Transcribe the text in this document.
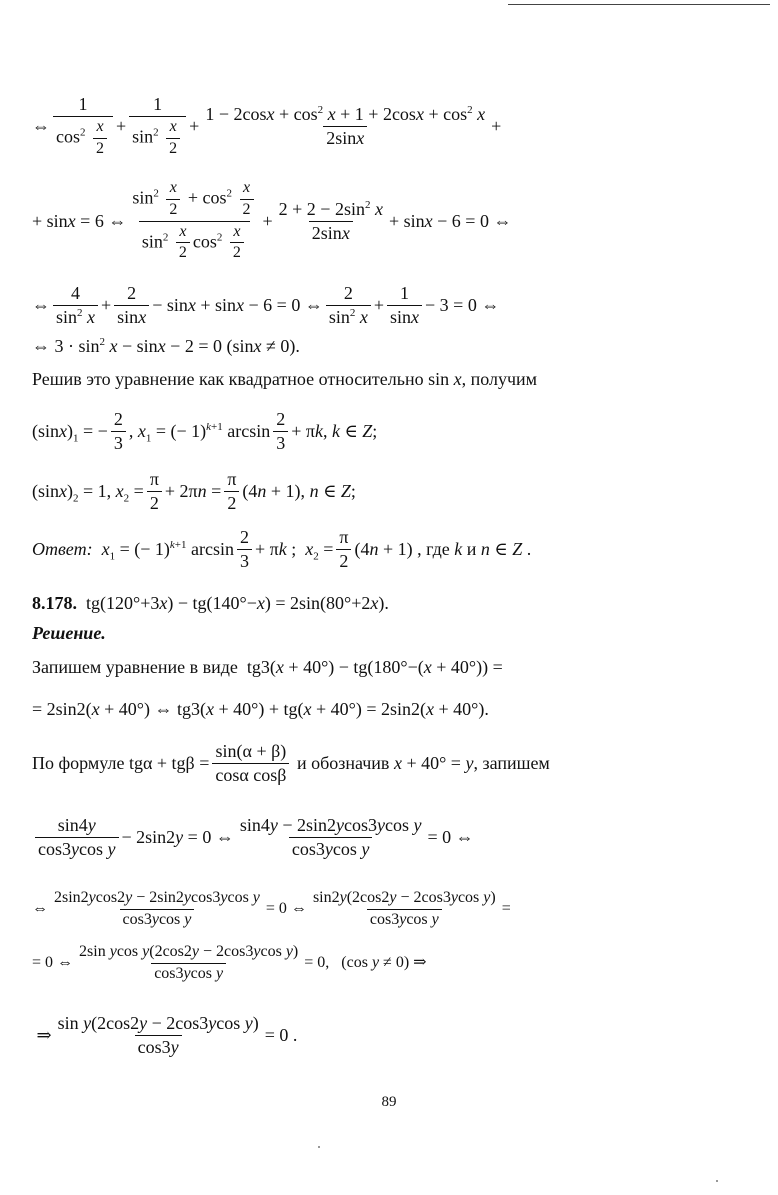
⇔ $\frac{1}{\cos^2 \frac{x}{2}} + \frac{1}{\sin^2 \frac{x}{2}} + \frac{1 - 2\cos x + \cos^2 x + 1 + 2\cos x + \cos^2 x}{2\sin x}$ +
+ sinx = 6 ⇔ $\frac{\sin^2 \frac{x}{2} + \cos^2 \frac{x}{2}}{\sin^2 \frac{x}{2} \cos^2 \frac{x}{2}} + \frac{2 + 2 - 2\sin^2 x}{2\sin x} + \sin x - 6 = 0$ ⇔
⇔ $\frac{4}{\sin^2 x} + \frac{2}{\sin x} - \sin x + \sin x - 6 = 0$ ⇔ $\frac{2}{\sin^2 x} + \frac{1}{\sin x} - 3 = 0$ ⇔
⇔ $3 \cdot \sin^2 x - \sin x - 2 = 0$ (sinx ≠ 0).
Решив это уравнение как квадратное относительно sin x, получим
$(\sin x)_1$ = − $\frac{2}{3}$ , $x_1$ = (− 1)$^{k+1}$ $\arcsin \frac{2}{3} + \pi k$, k ∈ Z;
$(\sin x)_2 = 1$, $x_2 = \frac{\pi}{2} + 2\pi n = \frac{\pi}{2} (4n + 1)$, n ∈ Z;
Ответ: $x_1$ = (− 1)$^{k+1}$ $\arcsin \frac{2}{3} + \pi k$ ;  $x_2 = \frac{\pi}{2} (4n + 1)$ , где k и n ∈ Z .
8.178.  tg(120°+3x) − tg(140°−x) = 2sin(80°+2x).
Решение.
Запишем уравнение в виде  tg3(x + 40°) − tg(180°−(x + 40°)) =
= 2sin2(x + 40°) ⇔ tg3(x + 40°) + tg(x + 40°) = 2sin2(x + 40°).
По формуле $tg\alpha + tg\beta = \frac{\sin(\alpha + \beta)}{\text{cosα cosβ}}$ и обозначив x + 40° = y, запишем
$\frac{\sin 4y}{\text{cos3ycos y}} - 2\sin 2y = 0$ ⇔ $\frac{\text{sin4y − 2sin2ycos3ycos y}}{\text{cos3ycos y}} = 0$ ⇔
⇔ $\frac{\text{2sin2ycos2y − 2sin2ycos3ycos y}}{\text{cos3ycos y}} = 0$ ⇔ $\frac{\text{sin2y(2cos2y − 2cos3ycos y)}}{\text{cos3ycos y}}$ =
= 0 ⇔ $\frac{\text{2sin ycos y(2cos2y − 2cos3ycos y)}}{\text{cos3ycos y}} = 0$,   (cos y ≠ 0) ⇒
⇒ $\frac{\text{sin y(2cos2y − 2cos3ycos y)}}{\cos 3y} = 0$ .
89
